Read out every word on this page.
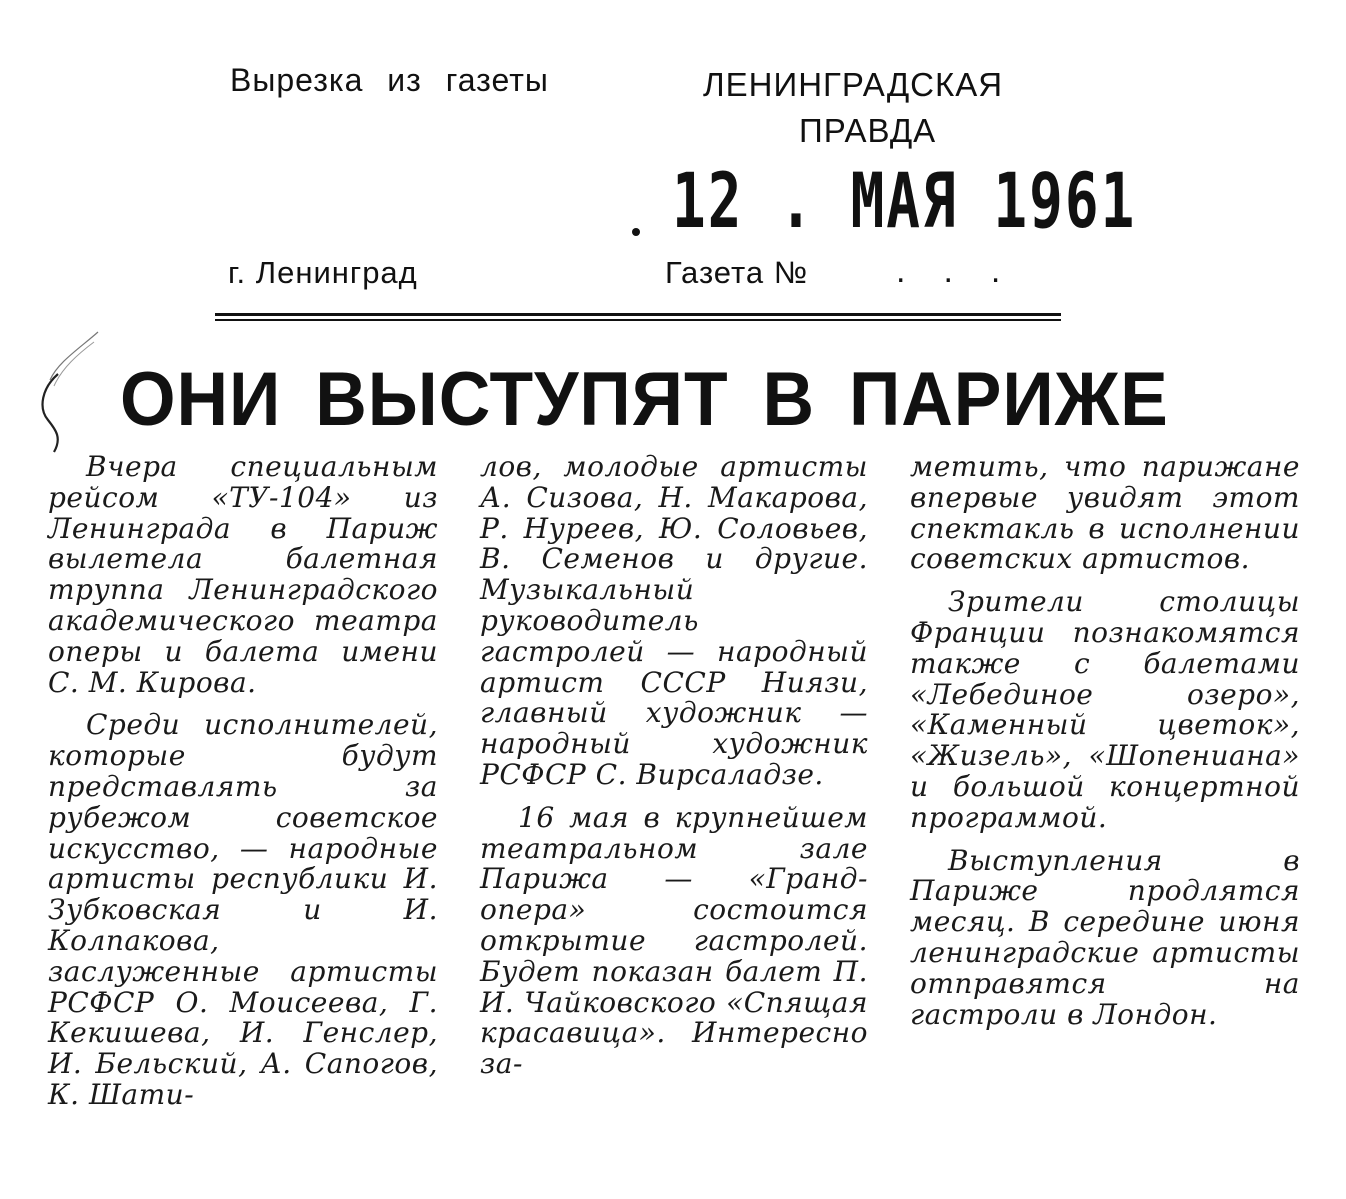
Вырезка из газеты	ЛЕНИНГРАДСКАЯ
ПРАВДА
12 . МАЯ 1961
г. Ленинград	Газета №	...
ОНИ ВЫСТУПЯТ В ПАРИЖЕ

Вчера специальным рейсом «ТУ-104» из Ленинграда в Париж вылетела балетная труппа Ленинградского академического театра оперы и балета имени С. М. Кирова.

Среди исполнителей, которые будут представлять за рубежом советское искусство, — народные артисты республики И. Зубковская и И. Колпакова, заслуженные артисты РСФСР О. Моисеева, Г. Кекишева, И. Генслер, И. Бельский, А. Сапогов, К. Шати-

лов, молодые артисты А. Сизова, Н. Макарова, Р. Нуреев, Ю. Соловьев, В. Семенов и другие. Музыкальный руководитель гастролей — народный артист СССР Ниязи, главный художник — народный художник РСФСР С. Вирсаладзе.

16 мая в крупнейшем театральном зале Парижа — «Гранд-опера» состоится открытие гастролей. Будет показан балет П. И. Чайковского «Спящая красавица». Интересно за-

метить, что парижане впервые увидят этот спектакль в исполнении советских артистов.

Зрители столицы Франции познакомятся также с балетами «Лебединое озеро», «Каменный цветок», «Жизель», «Шопениана» и большой концертной программой.

Выступления в Париже продлятся месяц. В середине июня ленинградские артисты отправятся на гастроли в Лондон.
